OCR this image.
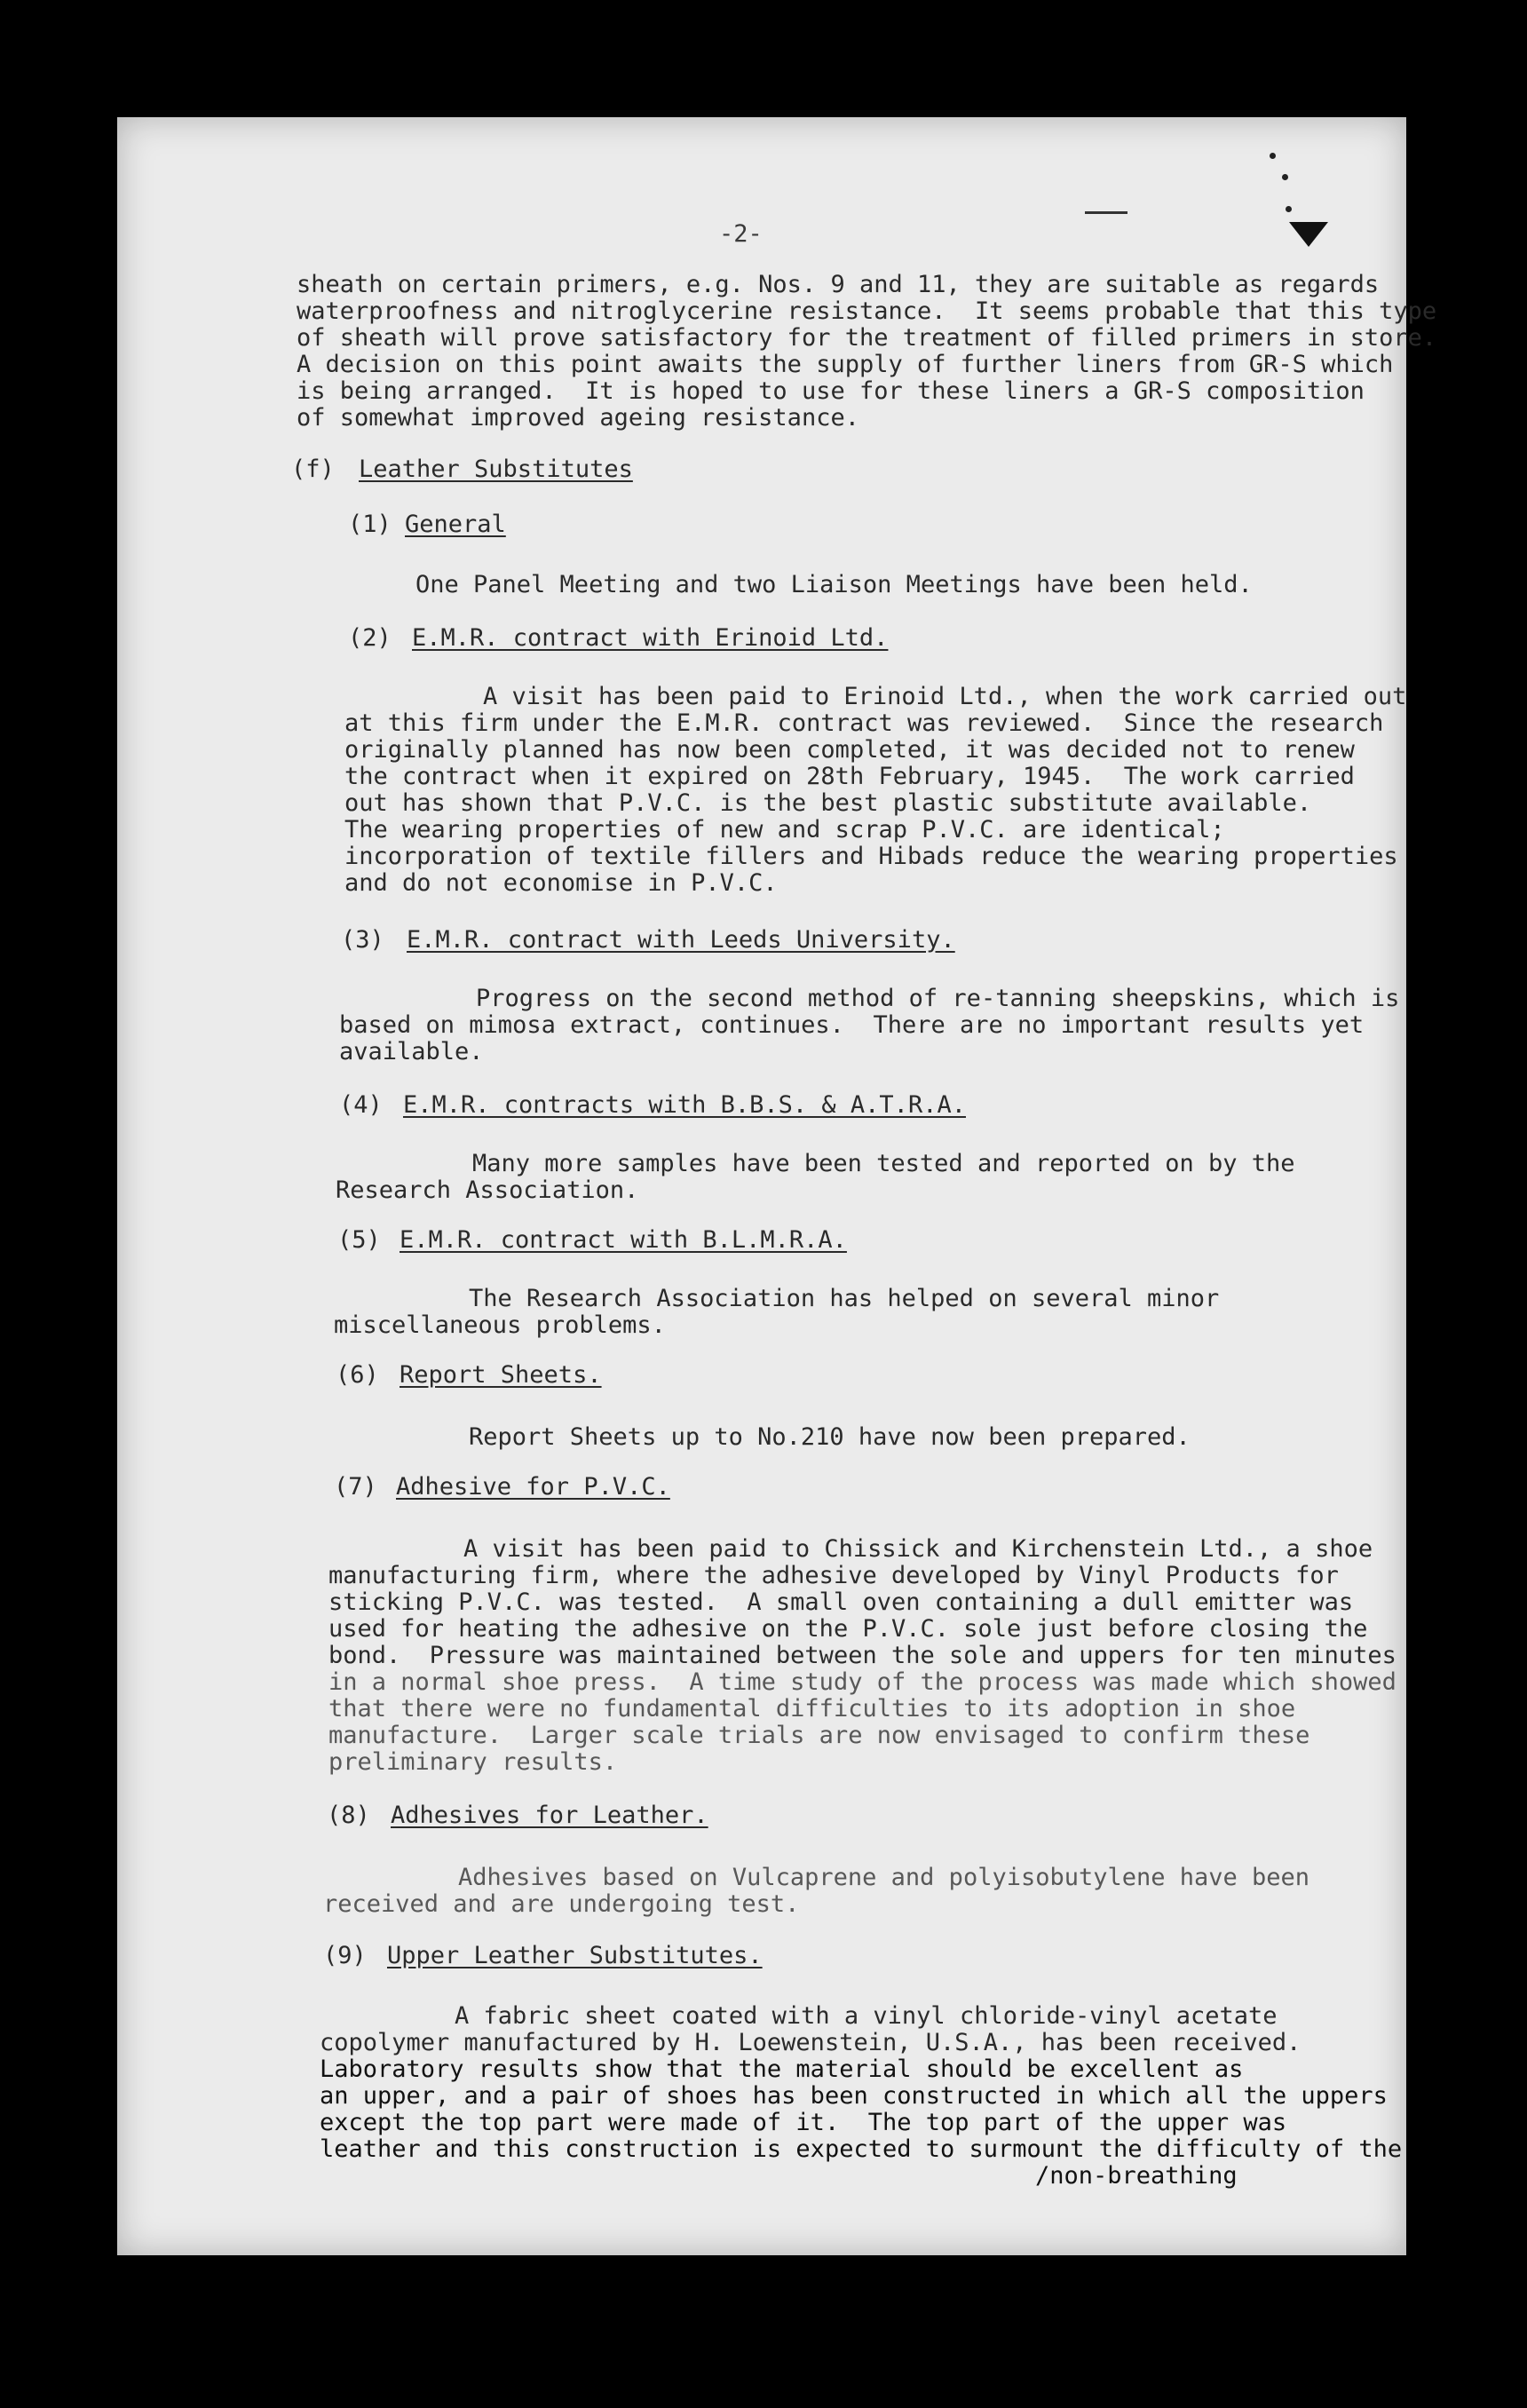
-2-
sheath on certain primers, e.g. Nos. 9 and 11, they are suitable as regards
waterproofness and nitroglycerine resistance.  It seems probable that this type
of sheath will prove satisfactory for the treatment of filled primers in store.
A decision on this point awaits the supply of further liners from GR-S which
is being arranged.  It is hoped to use for these liners a GR-S composition
of somewhat improved ageing resistance.
(f) Leather Substitutes
(1) General
One Panel Meeting and two Liaison Meetings have been held.
(2) E.M.R. contract with Erinoid Ltd.
A visit has been paid to Erinoid Ltd., when the work carried out
at this firm under the E.M.R. contract was reviewed.  Since the research
originally planned has now been completed, it was decided not to renew
the contract when it expired on 28th February, 1945.  The work carried
out has shown that P.V.C. is the best plastic substitute available.
The wearing properties of new and scrap P.V.C. are identical;
incorporation of textile fillers and Hibads reduce the wearing properties
and do not economise in P.V.C.
(3) E.M.R. contract with Leeds University.
Progress on the second method of re-tanning sheepskins, which is
based on mimosa extract, continues.  There are no important results yet
available.
(4) E.M.R. contracts with B.B.S. & A.T.R.A.
Many more samples have been tested and reported on by the
Research Association.
(5) E.M.R. contract with B.L.M.R.A.
The Research Association has helped on several minor
miscellaneous problems.
(6) Report Sheets.
Report Sheets up to No.210 have now been prepared.
(7) Adhesive for P.V.C.
A visit has been paid to Chissick and Kirchenstein Ltd., a shoe
manufacturing firm, where the adhesive developed by Vinyl Products for
sticking P.V.C. was tested.  A small oven containing a dull emitter was
used for heating the adhesive on the P.V.C. sole just before closing the
bond.  Pressure was maintained between the sole and uppers for ten minutes
in a normal shoe press.  A time study of the process was made which showed
that there were no fundamental difficulties to its adoption in shoe
manufacture.  Larger scale trials are now envisaged to confirm these
preliminary results.
(8) Adhesives for Leather.
Adhesives based on Vulcaprene and polyisobutylene have been
received and are undergoing test.
(9) Upper Leather Substitutes.
A fabric sheet coated with a vinyl chloride-vinyl acetate
copolymer manufactured by H. Loewenstein, U.S.A., has been received.
Laboratory results show that the material should be excellent as
an upper, and a pair of shoes has been constructed in which all the uppers
except the top part were made of it.  The top part of the upper was
leather and this construction is expected to surmount the difficulty of the
/non-breathing
